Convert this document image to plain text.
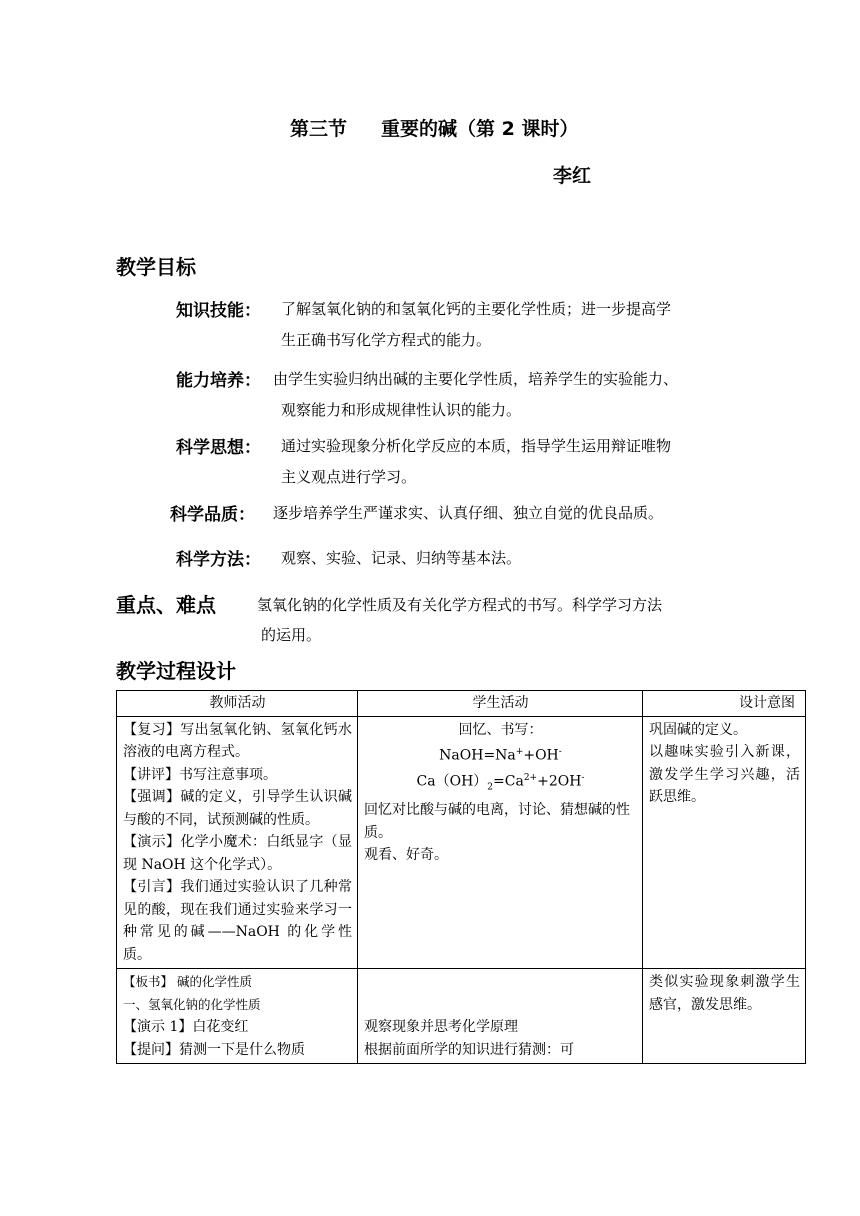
第三节 重要的碱（第 2 课时）
李红
教学目标
知识技能： 了解氢氧化钠的和氢氧化钙的主要化学性质；进一步提高学
生正确书写化学方程式的能力。
能力培养： 由学生实验归纳出碱的主要化学性质，培养学生的实验能力、
观察能力和形成规律性认识的能力。
科学思想： 通过实验现象分析化学反应的本质，指导学生运用辩证唯物
主义观点进行学习。
科学品质： 逐步培养学生严谨求实、认真仔细、独立自觉的优良品质。
科学方法： 观察、实验、记录、归纳等基本法。
重点、难点	氢氧化钠的化学性质及有关化学方程式的书写。科学学习方法
的运用。
教学过程设计
教师活动	学生活动	设计意图

【复习】写出氢氧化钠、氢氧化钙水溶液的电离方程式。
【讲评】书写注意事项。
【强调】碱的定义，引导学生认识碱与酸的不同，试预测碱的性质。
【演示】化学小魔术：白纸显字（显现 NaOH 这个化学式）。
【引言】我们通过实验认识了几种常见的酸，现在我们通过实验来学习一种常见的碱——NaOH 的化学性质。	回忆、书写：
NaOH=Na++OH-
$Ca(OH)_2=Ca^{2+}+2OH^-$
回忆对比酸与碱的电离，讨论、猜想碱的性质。
观看、好奇。	巩固碱的定义。
以趣味实验引入新课，激发学生学习兴趣，活跃思维。

【板书】 碱的化学性质
一、氢氧化钠的化学性质
【演示 1】白花变红
【提问】猜测一下是什么物质	观察现象并思考化学原理
根据前面所学的知识进行猜测：可	类似实验现象刺激学生感官，激发思维。
